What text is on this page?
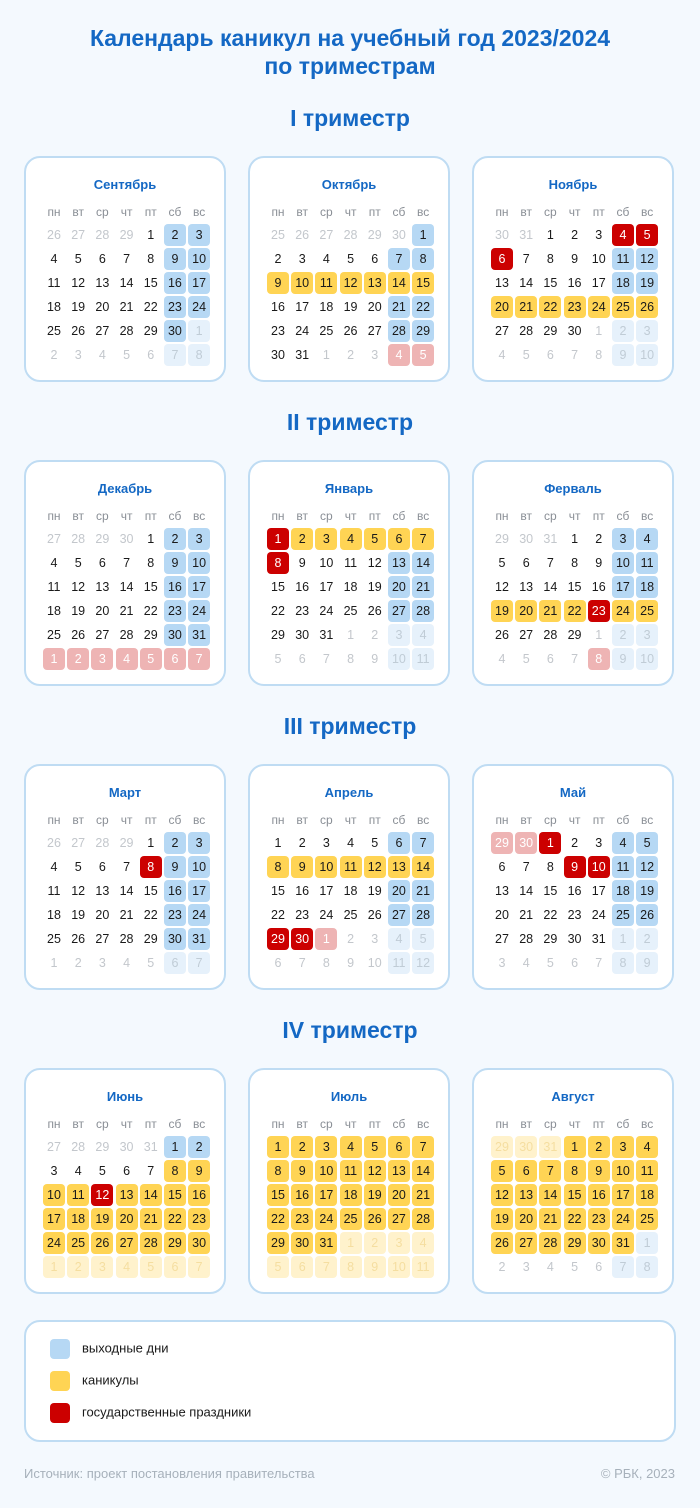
Календарь каникул на учебный год 2023/2024
по триместрам
I триместр
Сентябрь
пн вт	ср чт	пт сб вс
26 27 28 29	1	2	3
4	5	6	7	8	9	10
11 12 13 14 15 16 17
18 19 20 21 22 23 24
25 26 27 28 29 30	1
2	3	4	5	6	7	8
Октябрь
пн вт	ср чт	пт сб вс
25 26 27 28 29 30	1
2	3	4	5	6	7	8
9	10 11 12 13 14 15
16 17 18 19 20 21 22
23 24 25 26 27 28 29
30 31	1	2	3	4	5
Ноябрь
пн вт	ср чт	пт сб вс
30 31	1	2	3	4	5
6	7	8	9	10 11 12
13 14 15 16 17 18 19
20 21 22 23 24 25 26
27 28 29 30	1	2	3
4	5	6	7	8	9	10
II триместр
Декабрь
пн вт	ср чт	пт сб вс
27 28 29 30	1	2	3
4	5	6	7	8	9	10
11 12 13 14 15 16 17
18 19 20 21 22 23 24
25 26 27 28 29 30 31
1	2	3	4	5	6	7
Январь
пн вт	ср чт	пт сб вс
1	2	3	4	5	6	7
8	9	10 11 12 13 14
15 16 17 18 19 20 21
22 23 24 25 26 27 28
29 30 31	1	2	3	4
5	6	7	8	9	10 11
Ферваль
пн вт	ср чт	пт сб вс
29 30 31	1	2	3	4
5	6	7	8	9	10 11
12 13 14 15 16 17 18
19 20 21 22 23 24 25
26 27 28 29	1	2	3
4	5	6	7	8	9	10
III триместр
Март
пн вт	ср чт	пт сб вс
26 27 28 29	1	2	3
4	5	6	7	8	9	10
11 12 13 14 15 16 17
18 19 20 21 22 23 24
25 26 27 28 29 30 31
1	2	3	4	5	6	7
Апрель
пн вт	ср чт	пт сб вс
1	2	3	4	5	6	7
8	9	10 11 12 13 14
15 16 17 18 19 20 21
22 23 24 25 26 27 28
29 30	1	2	3	4	5
6	7	8	9	10 11 12
Май
пн вт	ср чт	пт сб вс
29 30	1	2	3	4	5
6	7	8	9	10 11 12
13 14 15 16 17 18 19
20 21 22 23 24 25 26
27 28 29 30 31	1	2
3	4	5	6	7	8	9
IV триместр
Июнь
пн вт	ср чт	пт сб вс
27 28 29 30 31	1	2
3	4	5	6	7	8	9
10 11 12 13 14 15 16
17 18 19 20 21 22 23
24 25 26 27 28 29 30
1	2	3	4	5	6	7
Июль
пн вт	ср чт	пт сб вс
1	2	3	4	5	6	7
8	9	10 11 12 13 14
15 16 17 18 19 20 21
22 23 24 25 26 27 28
29 30 31	1	2	3	4
5	6	7	8	9	10 11
Август
пн вт	ср чт	пт сб вс
29 30 31	1	2	3	4
5	6	7	8	9	10 11
12 13 14 15 16 17 18
19 20 21 22 23 24 25
26 27 28 29 30 31	1
2	3	4	5	6	7	8
выходные дни
каникулы
государственные праздники
Источник: проект постановления правительства	© РБК, 2023
